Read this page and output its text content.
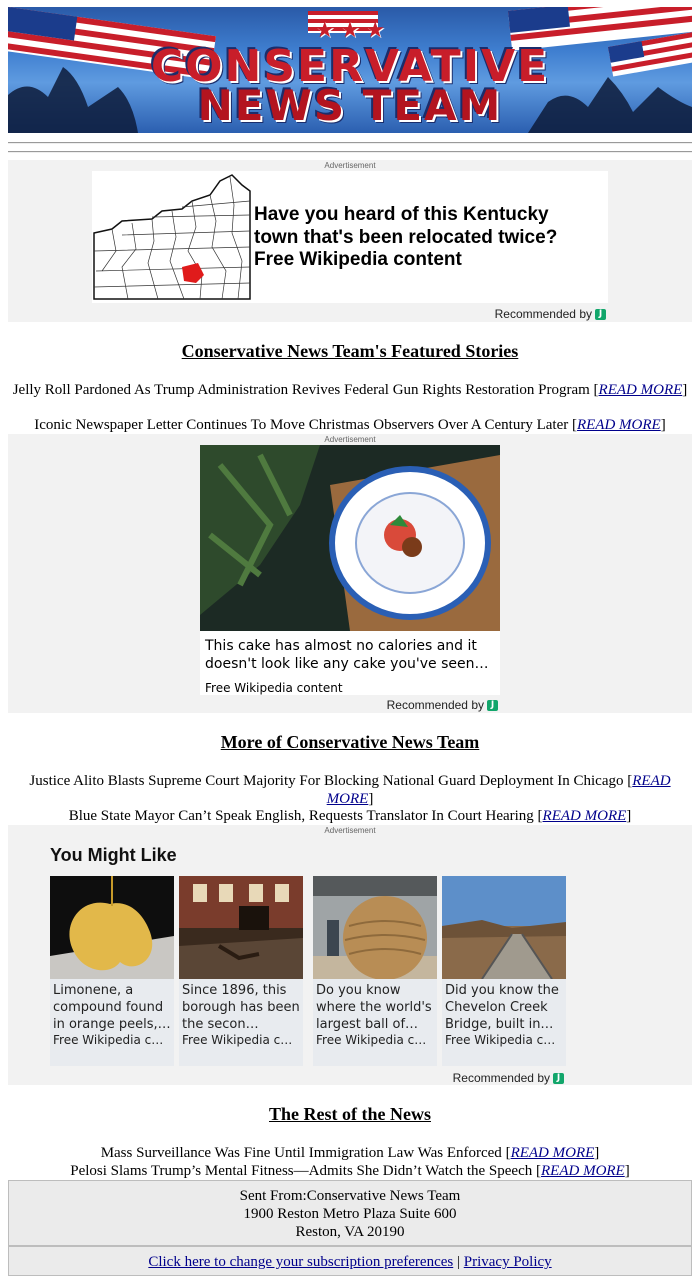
★ ★ ★
CONSERVATIVE
NEWS TEAM
Advertisement
Have you heard of this Kentucky town that's been relocated twice?
Free Wikipedia content
Recommended by J
Conservative News Team's Featured Stories
Jelly Roll Pardoned As Trump Administration Revives Federal Gun Rights Restoration Program [READ MORE]
Iconic Newspaper Letter Continues To Move Christmas Observers Over A Century Later [READ MORE]
Advertisement
This cake has almost no calories and it doesn't look like any cake you've seen…
Free Wikipedia content
Recommended by J
More of Conservative News Team
Justice Alito Blasts Supreme Court Majority For Blocking National Guard Deployment In Chicago [READ MORE]
Blue State Mayor Can’t Speak English, Requests Translator In Court Hearing [READ MORE]
Advertisement
You Might Like
Limonene, a compound found in orange peels,…
Free Wikipedia c…
Since 1896, this borough has been the secon…
Free Wikipedia c…
Do you know where the world's largest ball of…
Free Wikipedia c…
Did you know the Chevelon Creek Bridge, built in…
Free Wikipedia c…
Recommended by J
The Rest of the News
Mass Surveillance Was Fine Until Immigration Law Was Enforced [READ MORE]
Pelosi Slams Trump’s Mental Fitness—Admits She Didn’t Watch the Speech [READ MORE]
Sent From:Conservative News Team
1900 Reston Metro Plaza Suite 600
Reston, VA 20190
Click here to change your subscription preferences | Privacy Policy
